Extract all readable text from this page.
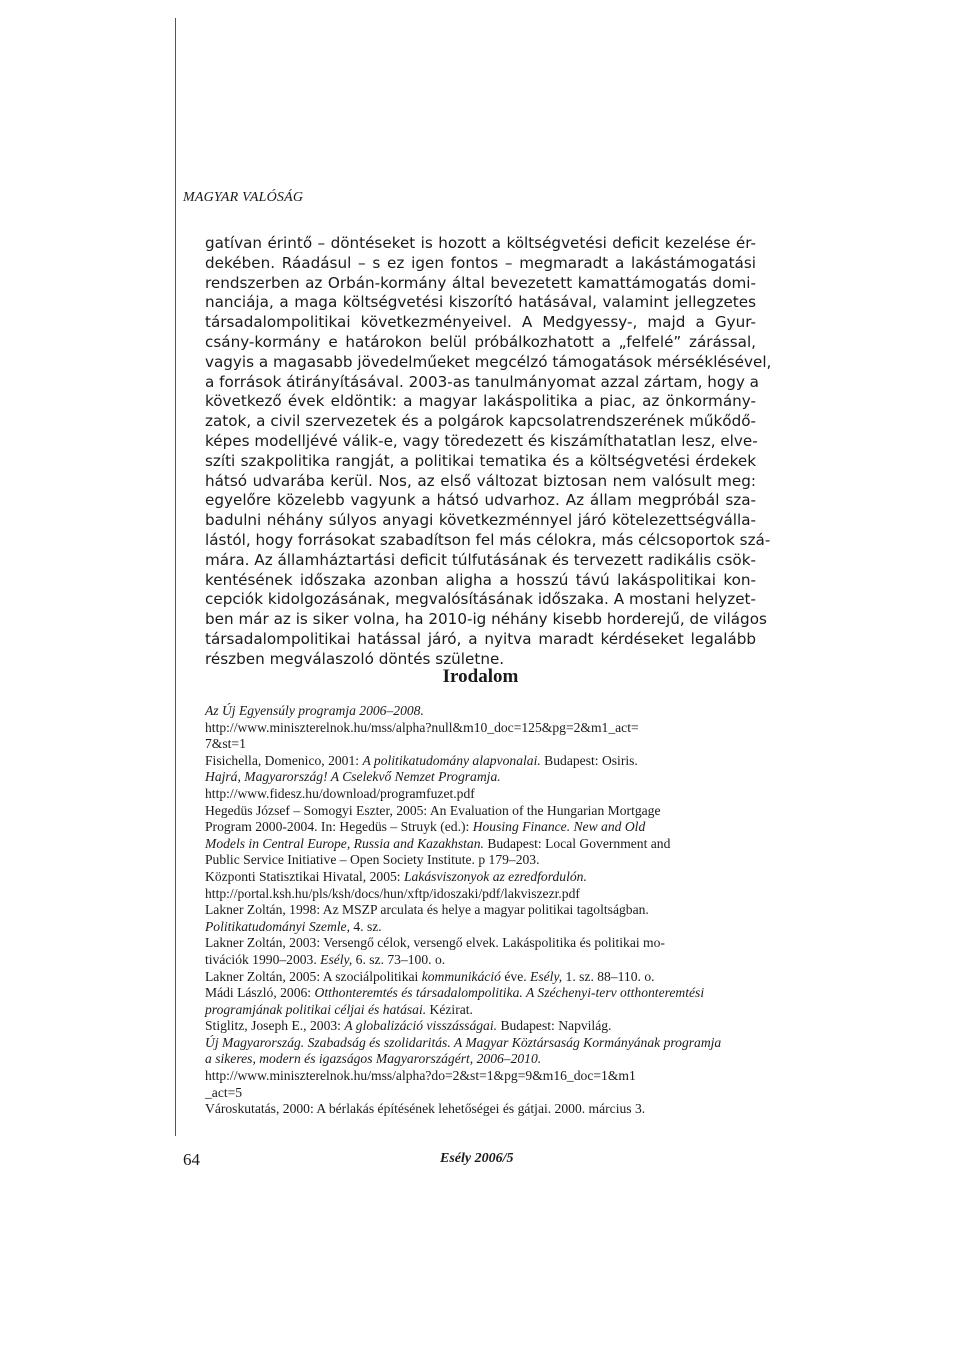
MAGYAR VALÓSÁG
gatívan érintő – döntéseket is hozott a költségvetési deficit kezelése ér-
dekében. Ráadásul – s ez igen fontos – megmaradt a lakástámogatási
rendszerben az Orbán-kormány által bevezetett kamattámogatás domi-
nanciája, a maga költségvetési kiszorító hatásával, valamint jellegzetes
társadalompolitikai következményeivel. A Medgyessy-, majd a Gyur-
csány-kormány e határokon belül próbálkozhatott a „felfelé” zárással,
vagyis a magasabb jövedelműeket megcélzó támogatások mérséklésével,
a források átirányításával. 2003-as tanulmányomat azzal zártam, hogy a
következő évek eldöntik: a magyar lakáspolitika a piac, az önkormány-
zatok, a civil szervezetek és a polgárok kapcsolatrendszerének műkődő-
képes modelljévé válik-e, vagy töredezett és kiszámíthatatlan lesz, elve-
szíti szakpolitika rangját, a politikai tematika és a költségvetési érdekek
hátsó udvarába kerül. Nos, az első változat biztosan nem valósult meg:
egyelőre közelebb vagyunk a hátsó udvarhoz. Az állam megpróbál sza-
badulni néhány súlyos anyagi következménnyel járó kötelezettségválla-
lástól, hogy forrásokat szabadítson fel más célokra, más célcsoportok szá-
mára. Az államháztartási deficit túlfutásának és tervezett radikális csök-
kentésének időszaka azonban aligha a hosszú távú lakáspolitikai kon-
cepciók kidolgozásának, megvalósításának időszaka. A mostani helyzet-
ben már az is siker volna, ha 2010-ig néhány kisebb horderejű, de világos
társadalompolitikai hatással járó, a nyitva maradt kérdéseket legalább
részben megválaszoló döntés születne.
Irodalom
Az Új Egyensúly programja 2006–2008.
http://www.miniszterelnok.hu/mss/alpha?null&m10_doc=125&pg=2&m1_act=
7&st=1
Fisichella, Domenico, 2001: A politikatudomány alapvonalai. Budapest: Osiris.
Hajrá, Magyarország! A Cselekvő Nemzet Programja.
http://www.fidesz.hu/download/programfuzet.pdf
Hegedüs József – Somogyi Eszter, 2005: An Evaluation of the Hungarian Mortgage
Program 2000-2004. In: Hegedüs – Struyk (ed.): Housing Finance. New and Old
Models in Central Europe, Russia and Kazakhstan. Budapest: Local Government and
Public Service Initiative – Open Society Institute. p 179–203.
Központi Statisztikai Hivatal, 2005: Lakásviszonyok az ezredfordulón.
http://portal.ksh.hu/pls/ksh/docs/hun/xftp/idoszaki/pdf/lakviszezr.pdf
Lakner Zoltán, 1998: Az MSZP arculata és helye a magyar politikai tagoltságban.
Politikatudományi Szemle, 4. sz.
Lakner Zoltán, 2003: Versengő célok, versengő elvek. Lakáspolitika és politikai mo-
tivációk 1990–2003. Esély, 6. sz. 73–100. o.
Lakner Zoltán, 2005: A szociálpolitikai kommunikáció éve. Esély, 1. sz. 88–110. o.
Mádi László, 2006: Otthonteremtés és társadalompolitika. A Széchenyi-terv otthonteremtési
programjának politikai céljai és hatásai. Kézirat.
Stiglitz, Joseph E., 2003: A globalizáció visszásságai. Budapest: Napvilág.
Új Magyarország. Szabadság és szolidaritás. A Magyar Köztársaság Kormányának programja
a sikeres, modern és igazságos Magyarországért, 2006–2010.
http://www.miniszterelnok.hu/mss/alpha?do=2&st=1&pg=9&m16_doc=1&m1
_act=5
Városkutatás, 2000: A bérlakás építésének lehetőségei és gátjai. 2000. március 3.
64	Esély 2006/5
